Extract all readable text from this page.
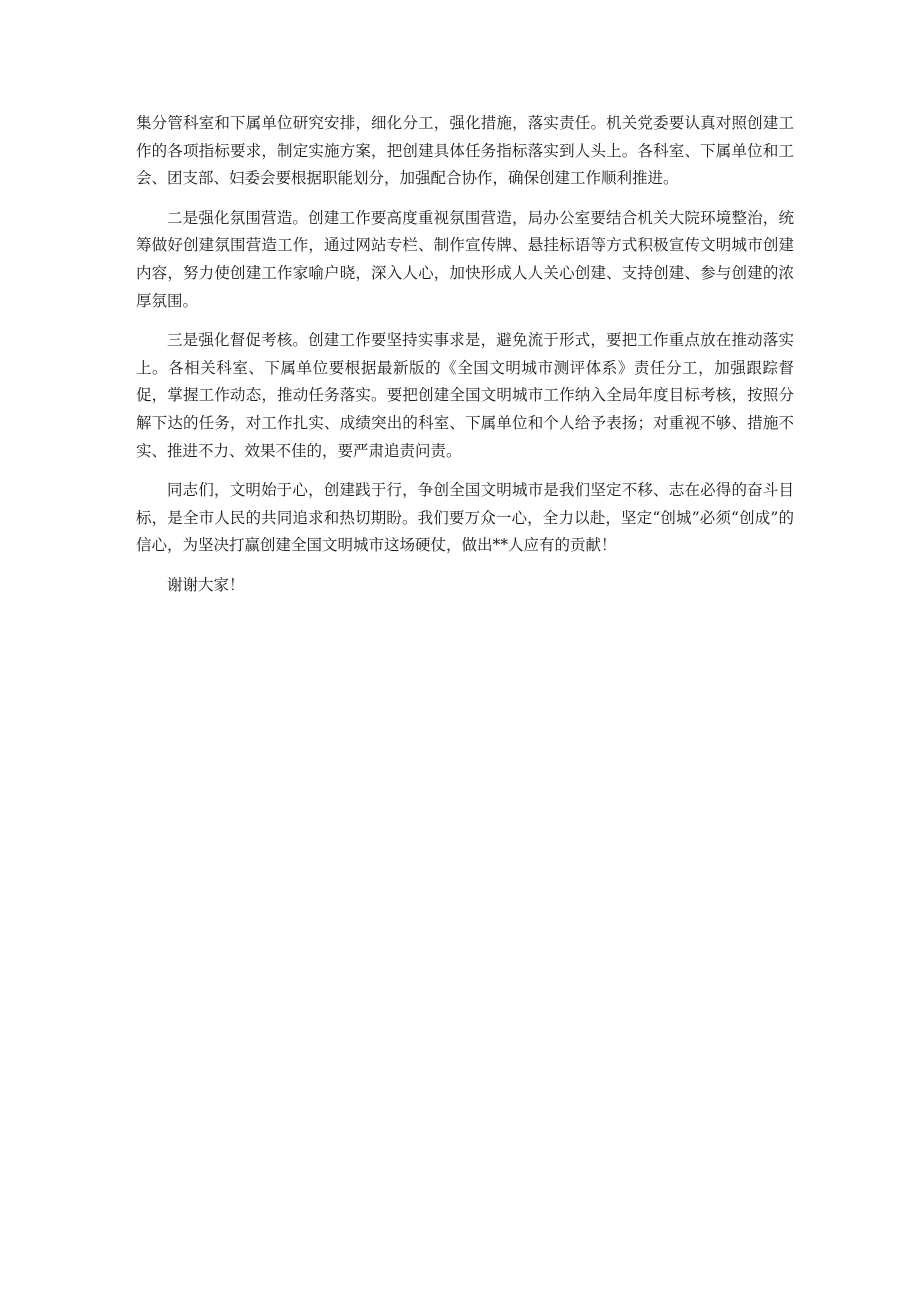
集分管科室和下属单位研究安排，细化分工，强化措施，落实责任。机关党委要认真对照创建工作的各项指标要求，制定实施方案，把创建具体任务指标落实到人头上。各科室、下属单位和工会、团支部、妇委会要根据职能划分，加强配合协作，确保创建工作顺利推进。

二是强化氛围营造。创建工作要高度重视氛围营造，局办公室要结合机关大院环境整治，统筹做好创建氛围营造工作，通过网站专栏、制作宣传牌、悬挂标语等方式积极宣传文明城市创建内容，努力使创建工作家喻户晓，深入人心，加快形成人人关心创建、支持创建、参与创建的浓厚氛围。

三是强化督促考核。创建工作要坚持实事求是，避免流于形式，要把工作重点放在推动落实上。各相关科室、下属单位要根据最新版的《全国文明城市测评体系》责任分工，加强跟踪督促，掌握工作动态，推动任务落实。要把创建全国文明城市工作纳入全局年度目标考核，按照分解下达的任务，对工作扎实、成绩突出的科室、下属单位和个人给予表扬；对重视不够、措施不实、推进不力、效果不佳的，要严肃追责问责。

同志们，文明始于心，创建践于行，争创全国文明城市是我们坚定不移、志在必得的奋斗目标，是全市人民的共同追求和热切期盼。我们要万众一心，全力以赴，坚定“创城”必须“创成”的信心，为坚决打赢创建全国文明城市这场硬仗，做出**人应有的贡献！

谢谢大家！
